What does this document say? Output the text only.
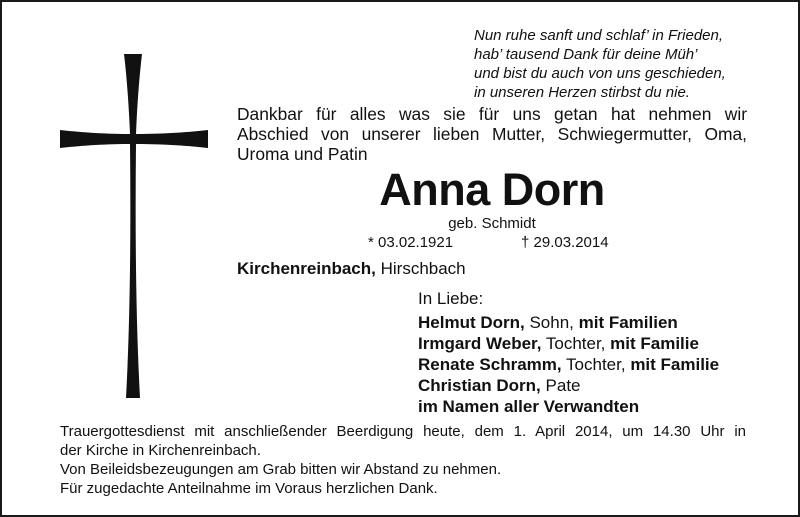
Nun ruhe sanft und schlaf’ in Frieden,
hab’ tausend Dank für deine Müh’
und bist du auch von uns geschieden,
in unseren Herzen stirbst du nie.
Dankbar für alles was sie für uns getan hat nehmen wir
Abschied von unserer lieben Mutter, Schwiegermutter, Oma,
Uroma und Patin
Anna Dorn
geb. Schmidt
* 03.02.1921	† 29.03.2014
Kirchenreinbach, Hirschbach
In Liebe:
Helmut Dorn, Sohn, mit Familien
Irmgard Weber, Tochter, mit Familie
Renate Schramm, Tochter, mit Familie
Christian Dorn, Pate
im Namen aller Verwandten
Trauergottesdienst mit anschließender Beerdigung heute, dem 1. April 2014, um 14.30 Uhr in
der Kirche in Kirchenreinbach.
Von Beileidsbezeugungen am Grab bitten wir Abstand zu nehmen.
Für zugedachte Anteilnahme im Voraus herzlichen Dank.
